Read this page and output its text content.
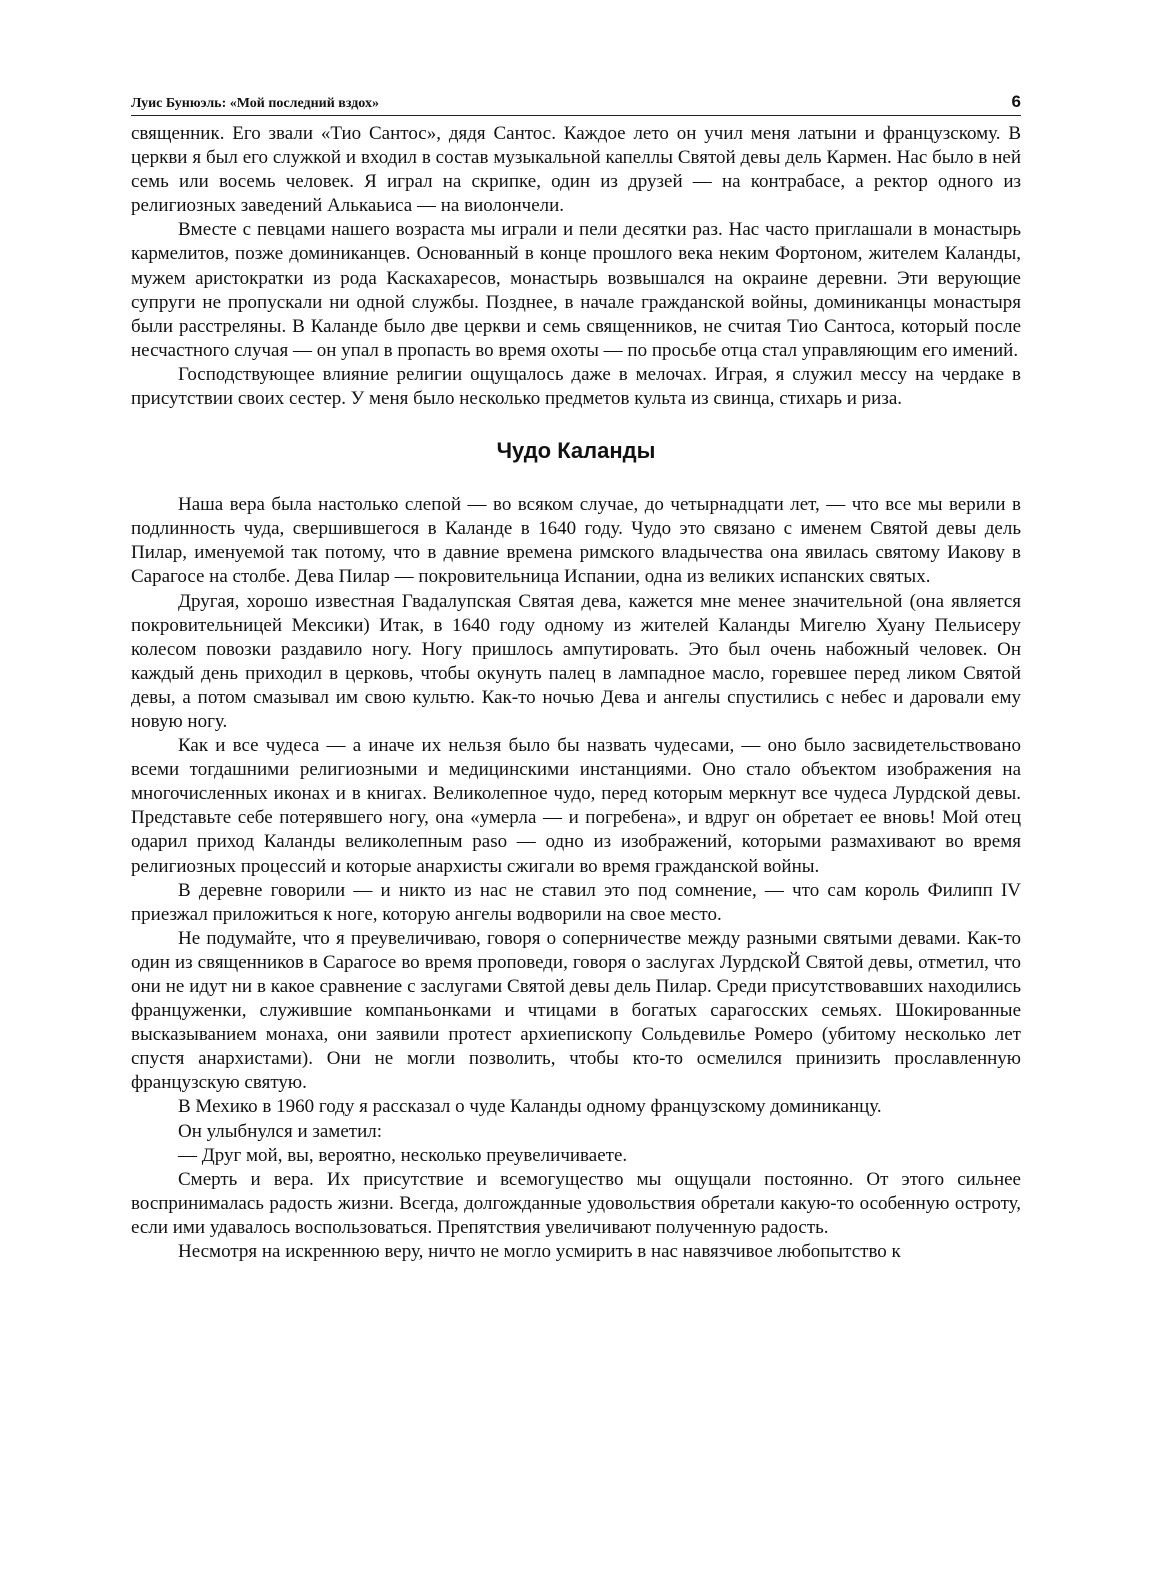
Луис Бунюэль: «Мой последний вздох»	6

священник. Его звали «Тио Сантос», дядя Сантос. Каждое лето он учил меня латыни и французскому. В церкви я был его служкой и входил в состав музыкальной капеллы Святой девы дель Кармен. Нас было в ней семь или восемь человек. Я играл на скрипке, один из друзей — на контрабасе, а ректор одного из религиозных заведений Алькаьиса — на виолончели.

Вместе с певцами нашего возраста мы играли и пели десятки раз. Нас часто приглашали в монастырь кармелитов, позже доминиканцев. Основанный в конце прошлого века неким Фортоном, жителем Каланды, мужем аристократки из рода Каскахаресов, монастырь возвышался на окраине деревни. Эти верующие супруги не пропускали ни одной службы. Позднее, в начале гражданской войны, доминиканцы монастыря были расстреляны. В Каланде было две церкви и семь священников, не считая Тио Сантоса, который после несчастного случая — он упал в пропасть во время охоты — по просьбе отца стал управляющим его имений.

Господствующее влияние религии ощущалось даже в мелочах. Играя, я служил мессу на чердаке в присутствии своих сестер. У меня было несколько предметов культа из свинца, стихарь и риза.

Чудо Каланды

Наша вера была настолько слепой — во всяком случае, до четырнадцати лет, — что все мы верили в подлинность чуда, свершившегося в Каланде в 1640 году. Чудо это связано с именем Святой девы дель Пилар, именуемой так потому, что в давние времена римского владычества она явилась святому Иакову в Сарагосе на столбе. Дева Пилар — покровительница Испании, одна из великих испанских святых.

Другая, хорошо известная Гвадалупская Святая дева, кажется мне менее значительной (она является покровительницей Мексики) Итак, в 1640 году одному из жителей Каланды Мигелю Хуану Пельисеру колесом повозки раздавило ногу. Ногу пришлось ампутировать. Это был очень набожный человек. Он каждый день приходил в церковь, чтобы окунуть палец в лампадное масло, горевшее перед ликом Святой девы, а потом смазывал им свою культю. Как-то ночью Дева и ангелы спустились с небес и даровали ему новую ногу.

Как и все чудеса — а иначе их нельзя было бы назвать чудесами, — оно было засвидетельствовано всеми тогдашними религиозными и медицинскими инстанциями. Оно стало объектом изображения на многочисленных иконах и в книгах. Великолепное чудо, перед которым меркнут все чудеса Лурдской девы. Представьте себе потерявшего ногу, она «умерла — и погребена», и вдруг он обретает ее вновь! Мой отец одарил приход Каланды великолепным paso — одно из изображений, которыми размахивают во время религиозных процессий и которые анархисты сжигали во время гражданской войны.

В деревне говорили — и никто из нас не ставил это под сомнение, — что сам король Филипп IV приезжал приложиться к ноге, которую ангелы водворили на свое место.

Не подумайте, что я преувеличиваю, говоря о соперничестве между разными святыми девами. Как-то один из священников в Сарагосе во время проповеди, говоря о заслугах ЛурдскоЙ Святой девы, отметил, что они не идут ни в какое сравнение с заслугами Святой девы дель Пилар. Среди присутствовавших находились француженки, служившие компаньонками и чтицами в богатых сарагосских семьях. Шокированные высказыванием монаха, они заявили протест архиепископу Сольдевилье Ромеро (убитому несколько лет спустя анархистами). Они не могли позволить, чтобы кто-то осмелился принизить прославленную французскую святую.

В Мехико в 1960 году я рассказал о чуде Каланды одному французскому доминиканцу.

Он улыбнулся и заметил:

— Друг мой, вы, вероятно, несколько преувеличиваете.

Смерть и вера. Их присутствие и всемогущество мы ощущали постоянно. От этого сильнее воспринималась радость жизни. Всегда, долгожданные удовольствия обретали какую-то особенную остроту, если ими удавалось воспользоваться. Препятствия увеличивают полученную радость.

Несмотря на искреннюю веру, ничто не могло усмирить в нас навязчивое любопытство к
